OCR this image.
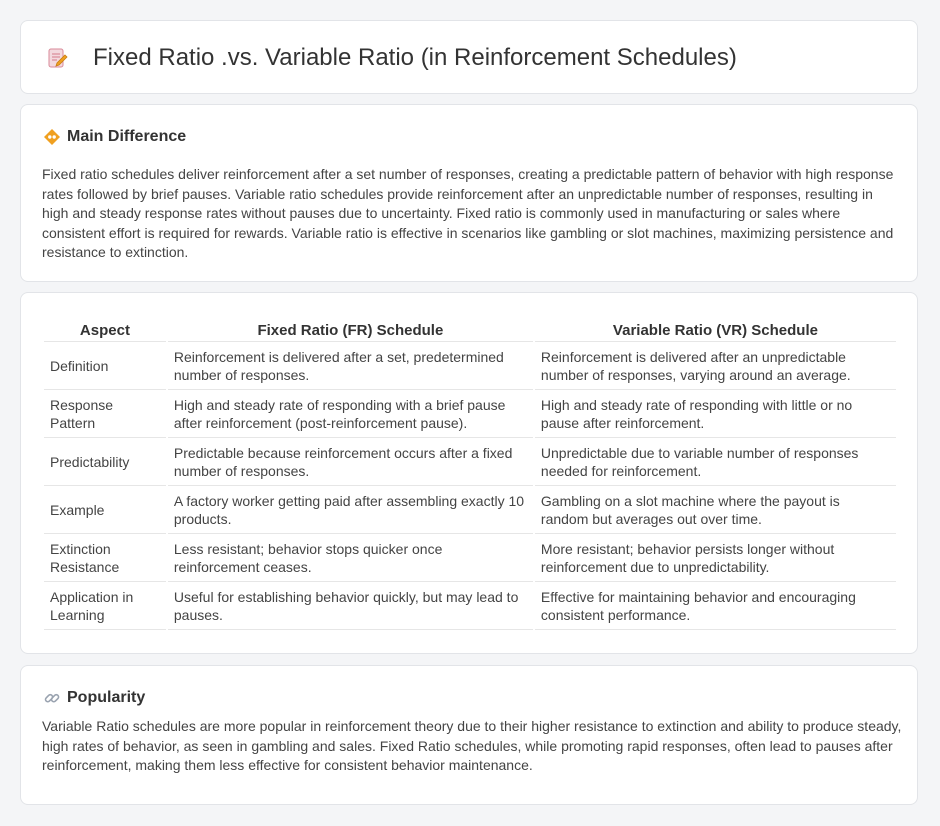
Fixed Ratio .vs. Variable Ratio (in Reinforcement Schedules)
Main Difference

Fixed ratio schedules deliver reinforcement after a set number of responses, creating a predictable pattern of behavior with high response rates followed by brief pauses. Variable ratio schedules provide reinforcement after an unpredictable number of responses, resulting in high and steady response rates without pauses due to uncertainty. Fixed ratio is commonly used in manufacturing or sales where consistent effort is required for rewards. Variable ratio is effective in scenarios like gambling or slot machines, maximizing persistence and resistance to extinction.

Aspect	Fixed Ratio (FR) Schedule	Variable Ratio (VR) Schedule
Definition	Reinforcement is delivered after a set, predetermined number of responses.	Reinforcement is delivered after an unpredictable number of responses, varying around an average.
Response Pattern	High and steady rate of responding with a brief pause after reinforcement (post-reinforcement pause).	High and steady rate of responding with little or no pause after reinforcement.
Predictability	Predictable because reinforcement occurs after a fixed number of responses.	Unpredictable due to variable number of responses needed for reinforcement.
Example	A factory worker getting paid after assembling exactly 10 products.	Gambling on a slot machine where the payout is random but averages out over time.
Extinction Resistance	Less resistant; behavior stops quicker once reinforcement ceases.	More resistant; behavior persists longer without reinforcement due to unpredictability.
Application in Learning	Useful for establishing behavior quickly, but may lead to pauses.	Effective for maintaining behavior and encouraging consistent performance.
Popularity

Variable Ratio schedules are more popular in reinforcement theory due to their higher resistance to extinction and ability to produce steady, high rates of behavior, as seen in gambling and sales. Fixed Ratio schedules, while promoting rapid responses, often lead to pauses after reinforcement, making them less effective for consistent behavior maintenance.
